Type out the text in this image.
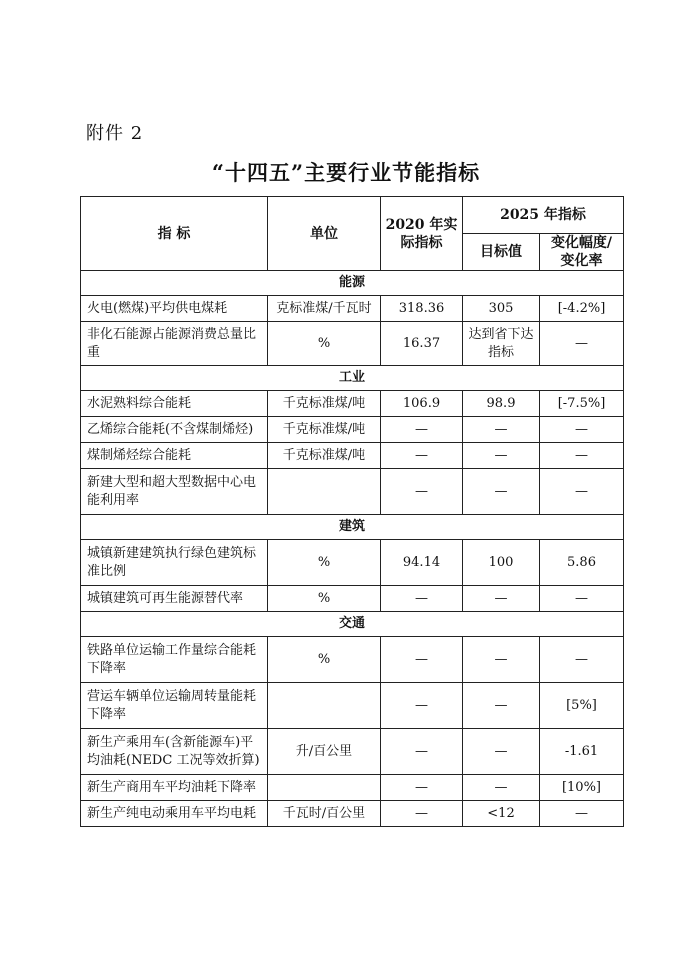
附件 2
“十四五”主要行业节能指标
指 标	单位	2020 年实际指标	2025 年指标	
			目标值	变化幅度/变化率
能源				
火电(燃煤)平均供电煤耗	克标准煤/千瓦时	318.36	305	[-4.2%]
非化石能源占能源消费总量比重	%	16.37	达到省下达指标	—
工业				
水泥熟料综合能耗	千克标准煤/吨	106.9	98.9	[-7.5%]
乙烯综合能耗(不含煤制烯烃)	千克标准煤/吨	—	—	—
煤制烯烃综合能耗	千克标准煤/吨	—	—	—
新建大型和超大型数据中心电能利用率		—	—	—
建筑				
城镇新建建筑执行绿色建筑标准比例	%	94.14	100	5.86
城镇建筑可再生能源替代率	%	—	—	—
交通				
铁路单位运输工作量综合能耗下降率	%	—	—	—
营运车辆单位运输周转量能耗下降率		—	—	[5%]
新生产乘用车(含新能源车)平均油耗(NEDC 工况等效折算)	升/百公里	—	—	-1.61
新生产商用车平均油耗下降率		—	—	[10%]
新生产纯电动乘用车平均电耗	千瓦时/百公里	—	<12	—
